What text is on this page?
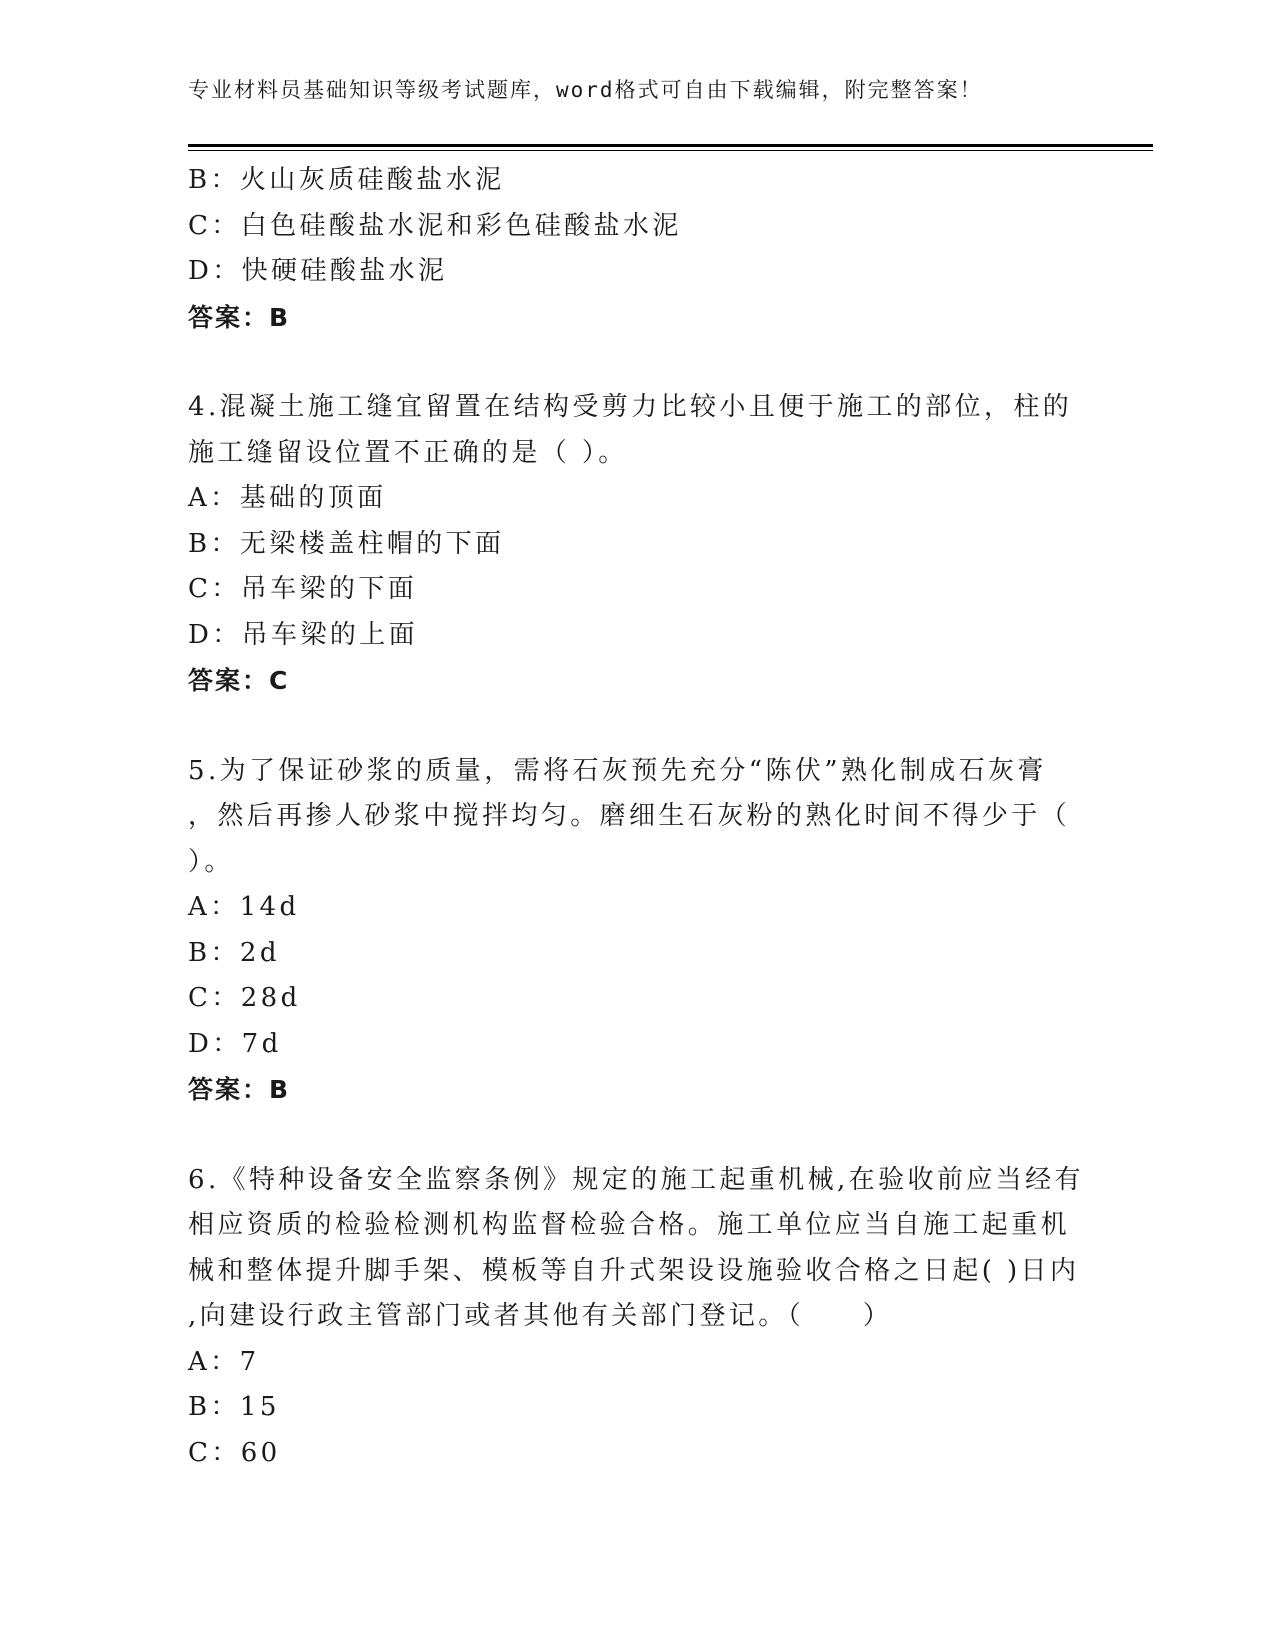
专业材料员基础知识等级考试题库，word格式可自由下载编辑，附完整答案！
B：火山灰质硅酸盐水泥
C：白色硅酸盐水泥和彩色硅酸盐水泥
D：快硬硅酸盐水泥
答案：B
4.混凝土施工缝宜留置在结构受剪力比较小且便于施工的部位，柱的
施工缝留设位置不正确的是（ ）。
A：基础的顶面
B：无梁楼盖柱帽的下面
C：吊车梁的下面
D：吊车梁的上面
答案：C
5.为了保证砂浆的质量，需将石灰预先充分“陈伏”熟化制成石灰膏
，然后再掺人砂浆中搅拌均匀。磨细生石灰粉的熟化时间不得少于（
）。
A：14d
B：2d
C：28d
D：7d
答案：B
6.《特种设备安全监察条例》规定的施工起重机械,在验收前应当经有
相应资质的检验检测机构监督检验合格。施工单位应当自施工起重机
械和整体提升脚手架、模板等自升式架设设施验收合格之日起( )日内
,向建设行政主管部门或者其他有关部门登记。（　　）
A：7
B：15
C：60
